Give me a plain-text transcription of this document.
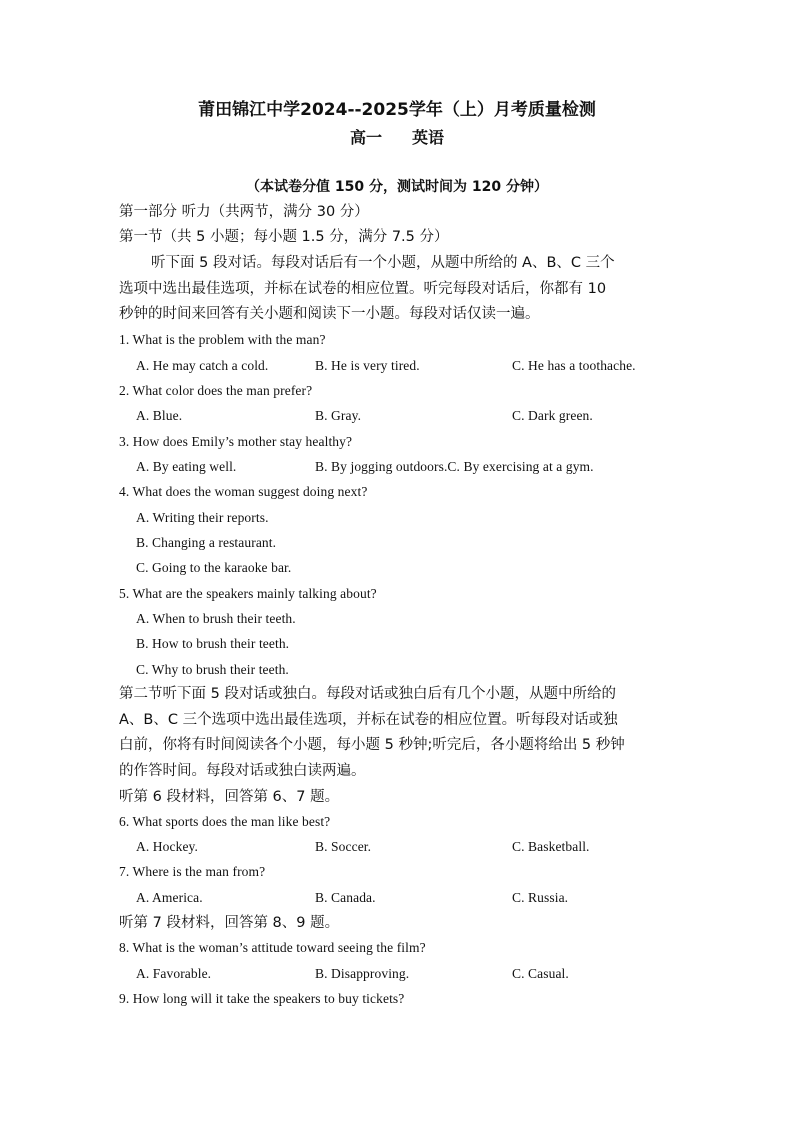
莆田锦江中学2024--2025学年（上）月考质量检测
高一 英语
（本试卷分值 150 分，测试时间为 120 分钟）
第一部分 听力（共两节，满分 30 分）
第一节（共 5 小题；每小题 1.5 分，满分 7.5 分）
听下面 5 段对话。每段对话后有一个小题，从题中所给的 A、B、C 三个
选项中选出最佳选项，并标在试卷的相应位置。听完每段对话后，你都有 10
秒钟的时间来回答有关小题和阅读下一小题。每段对话仅读一遍。
1. What is the problem with the man?
A. He may catch a cold.	B. He is very tired.	C. He has a toothache.
2. What color does the man prefer?
A. Blue.	B. Gray.	C. Dark green.
3. How does Emily’s mother stay healthy?
A. By eating well.	B. By jogging outdoors.C. By exercising at a gym.
4. What does the woman suggest doing next?
A. Writing their reports.
B. Changing a restaurant.
C. Going to the karaoke bar.
5. What are the speakers mainly talking about?
A. When to brush their teeth.
B. How to brush their teeth.
C. Why to brush their teeth.
第二节听下面 5 段对话或独白。每段对话或独白后有几个小题，从题中所给的
A、B、C 三个选项中选出最佳选项，并标在试卷的相应位置。听每段对话或独
白前，你将有时间阅读各个小题，每小题 5 秒钟;听完后，各小题将给出 5 秒钟
的作答时间。每段对话或独白读两遍。
听第 6 段材料，回答第 6、7 题。
6. What sports does the man like best?
A. Hockey.	B. Soccer.	C. Basketball.
7. Where is the man from?
A. America.	B. Canada.	C. Russia.
听第 7 段材料，回答第 8、9 题。
8. What is the woman’s attitude toward seeing the film?
A. Favorable.	B. Disapproving.	C. Casual.
9. How long will it take the speakers to buy tickets?
